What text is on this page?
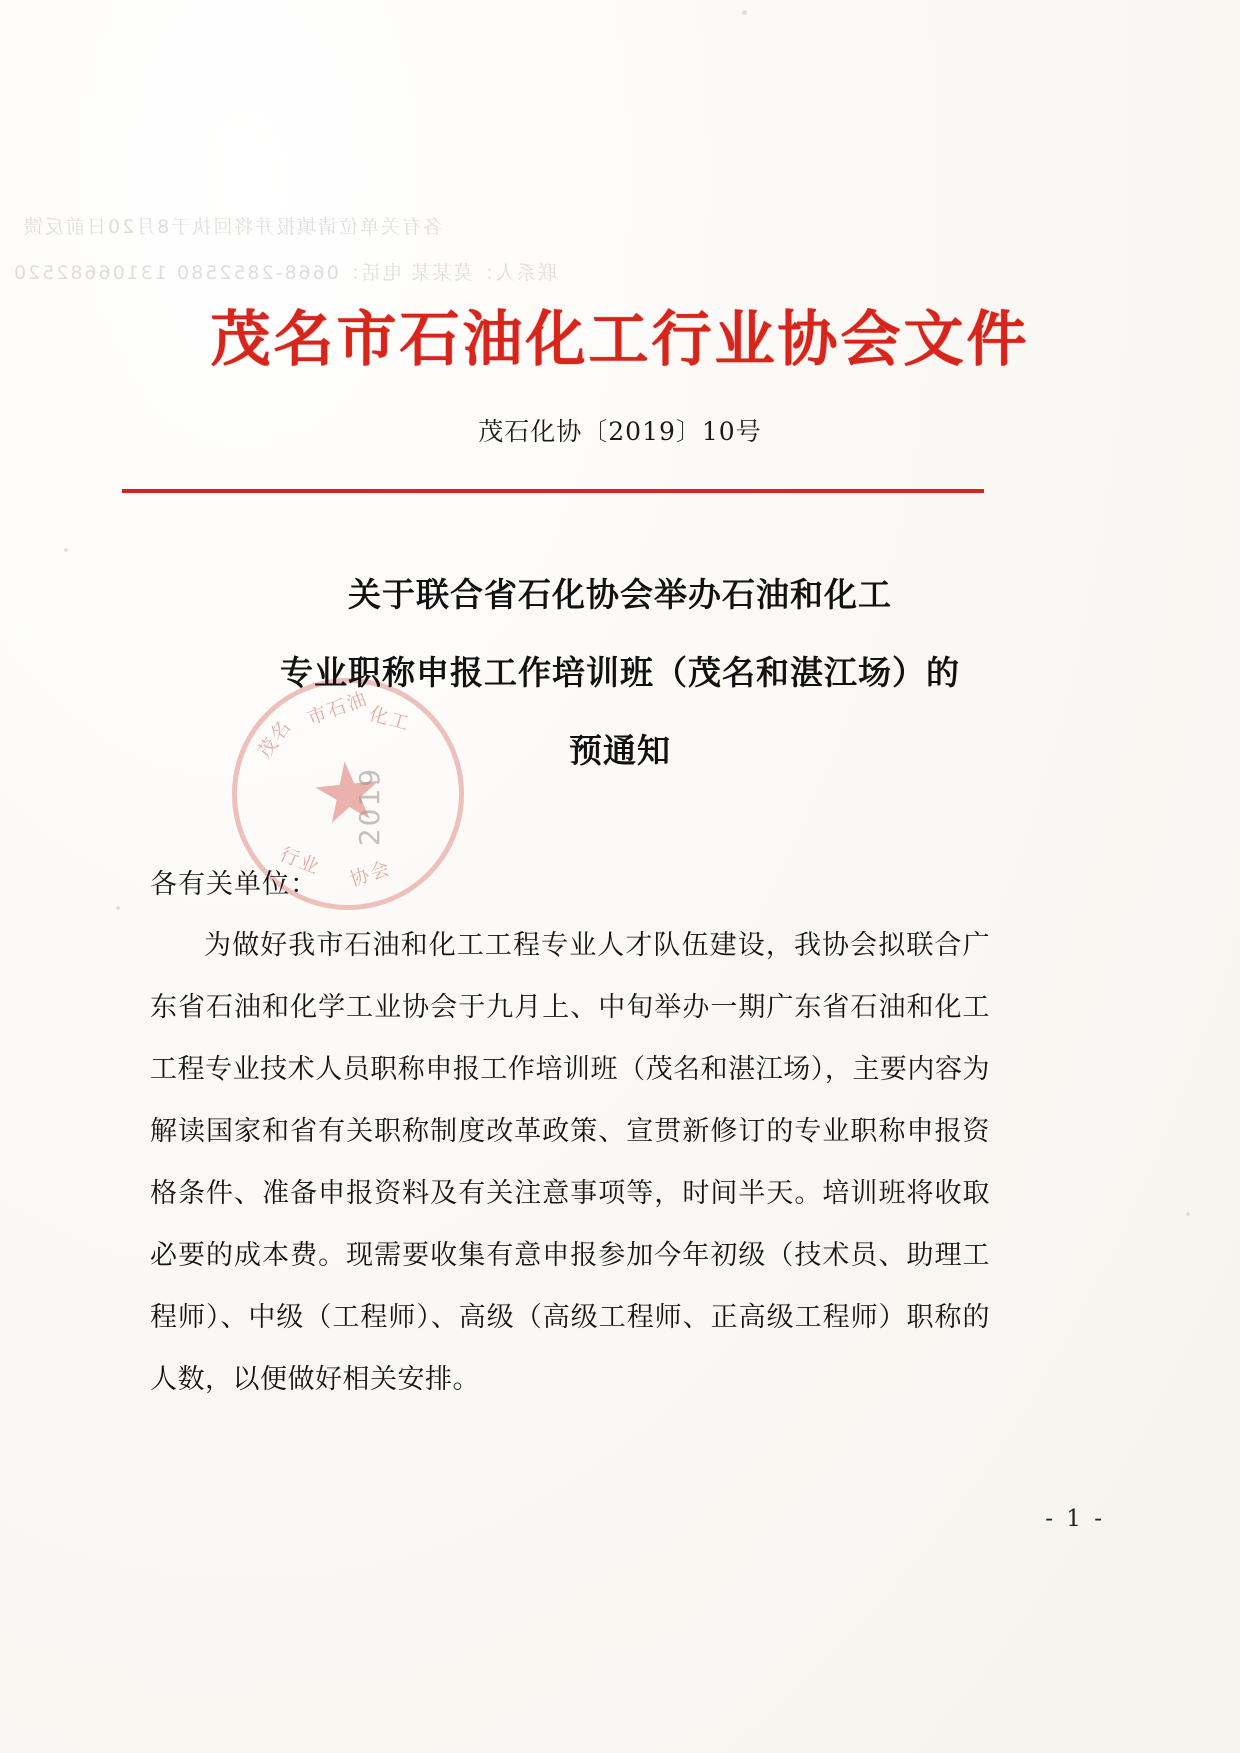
各有关单位请填报并将回执于8月20日前反馈
联系人：莫某某 电话：0668-2852580 13106682520
茂名市石油化工行业协会文件
茂石化协〔2019〕10号
茂名
市石油
化工
行业 协会
2019
关于联合省石化协会举办石油和化工
专业职称申报工作培训班（茂名和湛江场）的
预通知
各有关单位：
为做好我市石油和化工工程专业人才队伍建设，我协会拟联合广东省石油和化学工业协会于九月上、中旬举办一期广东省石油和化工工程专业技术人员职称申报工作培训班（茂名和湛江场），主要内容为解读国家和省有关职称制度改革政策、宣贯新修订的专业职称申报资格条件、准备申报资料及有关注意事项等，时间半天。培训班将收取必要的成本费。现需要收集有意申报参加今年初级（技术员、助理工程师）、中级（工程师）、高级（高级工程师、正高级工程师）职称的人数，以便做好相关安排。
- 1 -
